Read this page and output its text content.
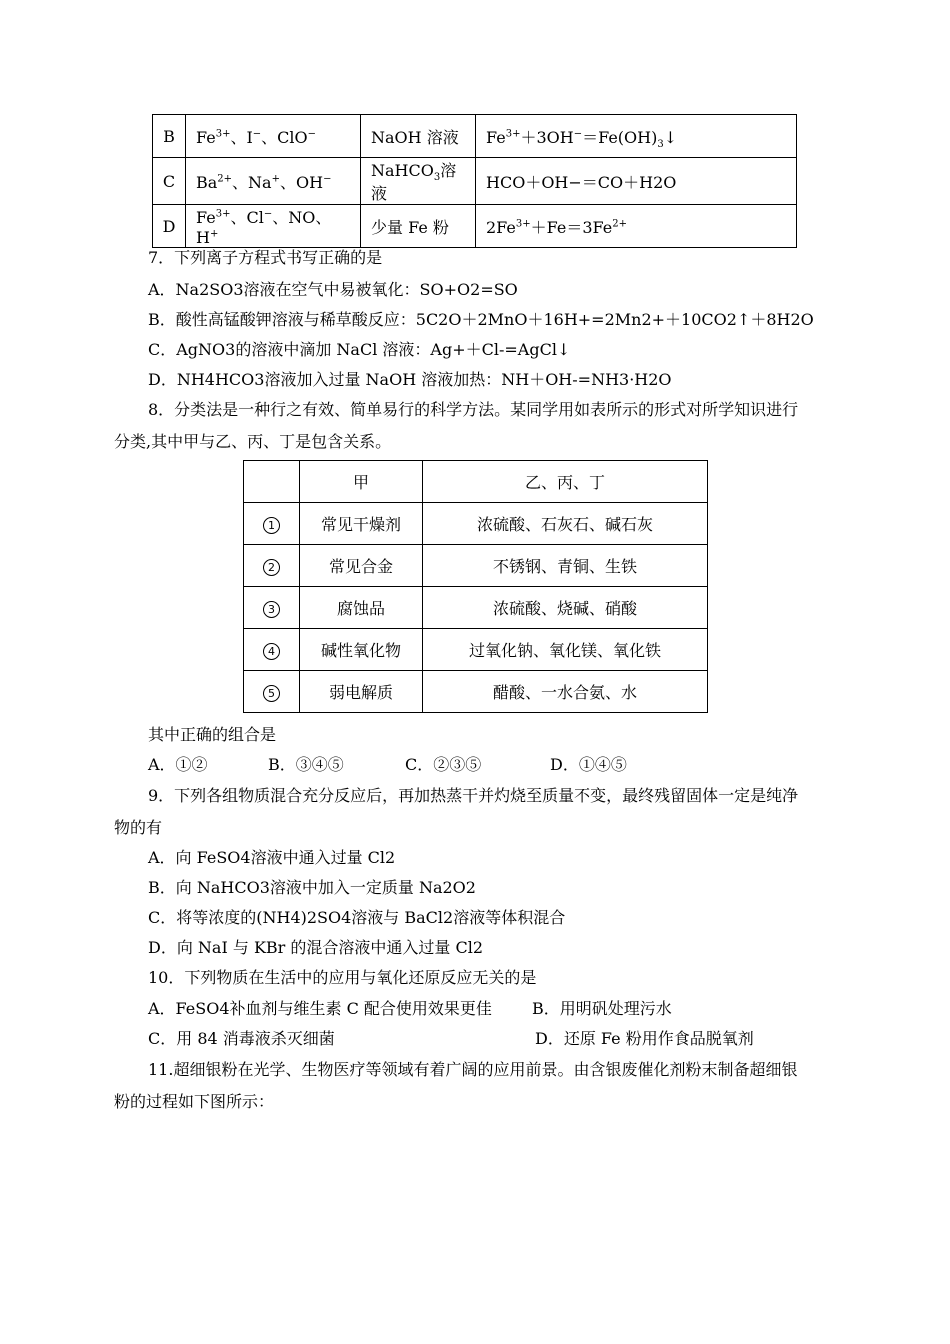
B	$Fe^{3+}$、I−、ClO−	NaOH 溶液	$Fe^{3+}+3OH^-=Fe(OH)_3↓$
C	$Ba^{2+}$、Na+、OH−	NaHCO$_3$溶液	HCO＋OH−＝CO＋H2O
D	$Fe^{3+}$、Cl−、NO、H+	少量 Fe 粉	$2Fe^{3+}+Fe=3Fe^{2+}$
7．下列离子方程式书写正确的是
A．Na2SO3溶液在空气中易被氧化：SO+O2=SO
B．酸性高锰酸钾溶液与稀草酸反应：5C2O＋2MnO＋16H+=2Mn2+＋10CO2↑＋8H2O
C．AgNO3的溶液中滴加 NaCl 溶液：Ag+＋Cl-=AgCl↓
D．NH4HCO3溶液加入过量 NaOH 溶液加热：NH＋OH-=NH3·H2O
8．分类法是一种行之有效、简单易行的科学方法。某同学用如表所示的形式对所学知识进行
分类,其中甲与乙、丙、丁是包含关系。
	甲	乙、丙、丁
1	常见干燥剂	浓硫酸、石灰石、碱石灰
2	常见合金	不锈钢、青铜、生铁
3	腐蚀品	浓硫酸、烧碱、硝酸
4	碱性氧化物	过氧化钠、氧化镁、氧化铁
5	弱电解质	醋酸、一水合氨、水
其中正确的组合是
A．①②	B．③④⑤	C．②③⑤	D．①④⑤
9．下列各组物质混合充分反应后，再加热蒸干并灼烧至质量不变，最终残留固体一定是纯净
物的有
A．向 FeSO4溶液中通入过量 Cl2
B．向 NaHCO3溶液中加入一定质量 Na2O2
C．将等浓度的(NH4)2SO4溶液与 BaCl2溶液等体积混合
D．向 NaI 与 KBr 的混合溶液中通入过量 Cl2
10．下列物质在生活中的应用与氧化还原反应无关的是
A．FeSO4补血剂与维生素 C 配合使用效果更佳	B．用明矾处理污水
C．用 84 消毒液杀灭细菌	D．还原 Fe 粉用作食品脱氧剂
11.超细银粉在光学、生物医疗等领域有着广阔的应用前景。由含银废催化剂粉末制备超细银
粉的过程如下图所示：
